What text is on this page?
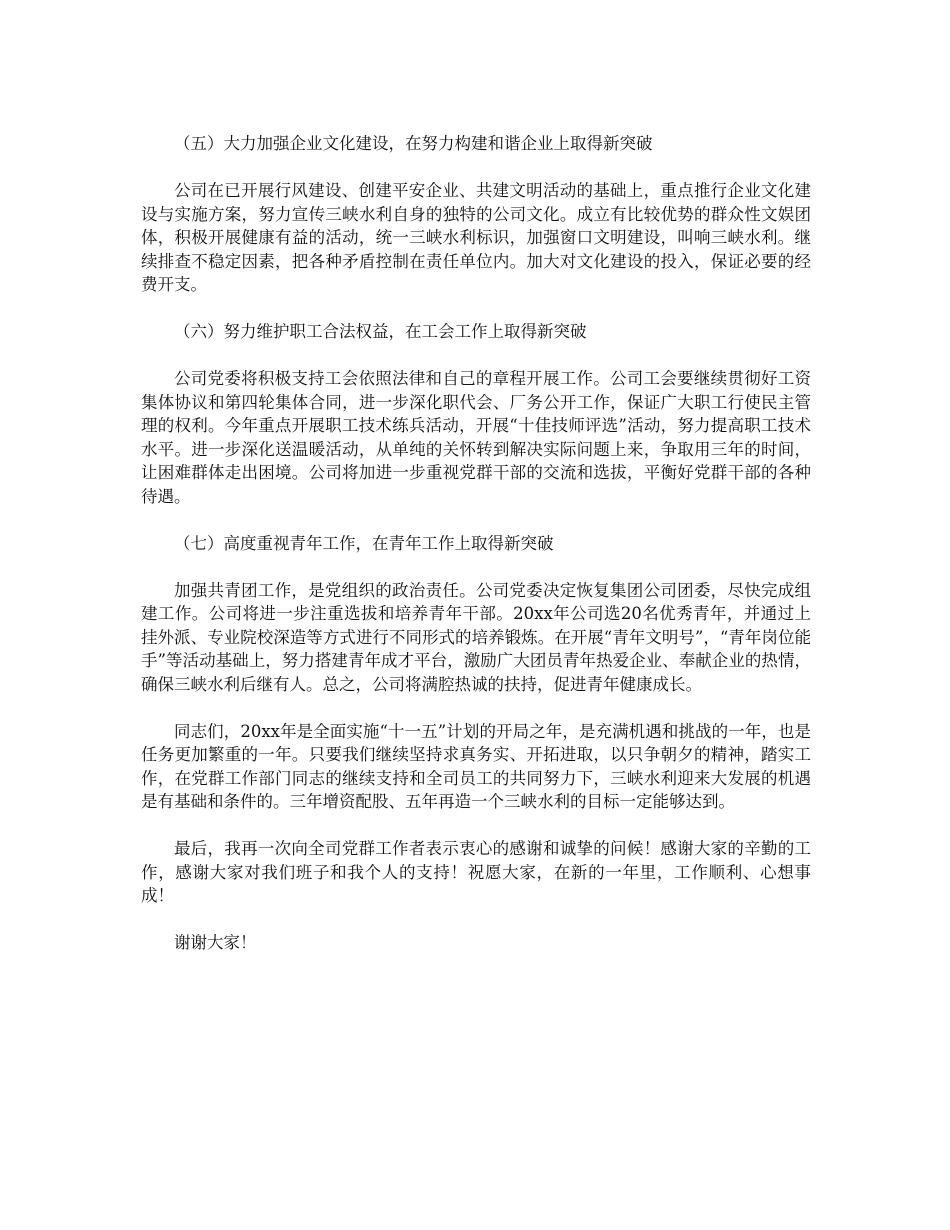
（五）大力加强企业文化建设，在努力构建和谐企业上取得新突破

公司在已开展行风建设、创建平安企业、共建文明活动的基础上，重点推行企业文化建设与实施方案，努力宣传三峡水利自身的独特的公司文化。成立有比较优势的群众性文娱团体，积极开展健康有益的活动，统一三峡水利标识，加强窗口文明建设，叫响三峡水利。继续排查不稳定因素，把各种矛盾控制在责任单位内。加大对文化建设的投入，保证必要的经费开支。

（六）努力维护职工合法权益，在工会工作上取得新突破

公司党委将积极支持工会依照法律和自己的章程开展工作。公司工会要继续贯彻好工资集体协议和第四轮集体合同，进一步深化职代会、厂务公开工作，保证广大职工行使民主管理的权利。今年重点开展职工技术练兵活动，开展“十佳技师评选”活动，努力提高职工技术水平。进一步深化送温暖活动，从单纯的关怀转到解决实际问题上来，争取用三年的时间，让困难群体走出困境。公司将加进一步重视党群干部的交流和选拔，平衡好党群干部的各种待遇。

（七）高度重视青年工作，在青年工作上取得新突破

加强共青团工作，是党组织的政治责任。公司党委决定恢复集团公司团委，尽快完成组建工作。公司将进一步注重选拔和培养青年干部。20xx年公司选20名优秀青年，并通过上挂外派、专业院校深造等方式进行不同形式的培养锻炼。在开展“青年文明号”，“青年岗位能手”等活动基础上，努力搭建青年成才平台，激励广大团员青年热爱企业、奉献企业的热情，确保三峡水利后继有人。总之，公司将满腔热诚的扶持，促进青年健康成长。

同志们，20xx年是全面实施“十一五”计划的开局之年，是充满机遇和挑战的一年，也是任务更加繁重的一年。只要我们继续坚持求真务实、开拓进取，以只争朝夕的精神，踏实工作，在党群工作部门同志的继续支持和全司员工的共同努力下，三峡水利迎来大发展的机遇是有基础和条件的。三年增资配股、五年再造一个三峡水利的目标一定能够达到。

最后，我再一次向全司党群工作者表示衷心的感谢和诚挚的问候！感谢大家的辛勤的工作，感谢大家对我们班子和我个人的支持！祝愿大家，在新的一年里，工作顺利、心想事成！

谢谢大家！
